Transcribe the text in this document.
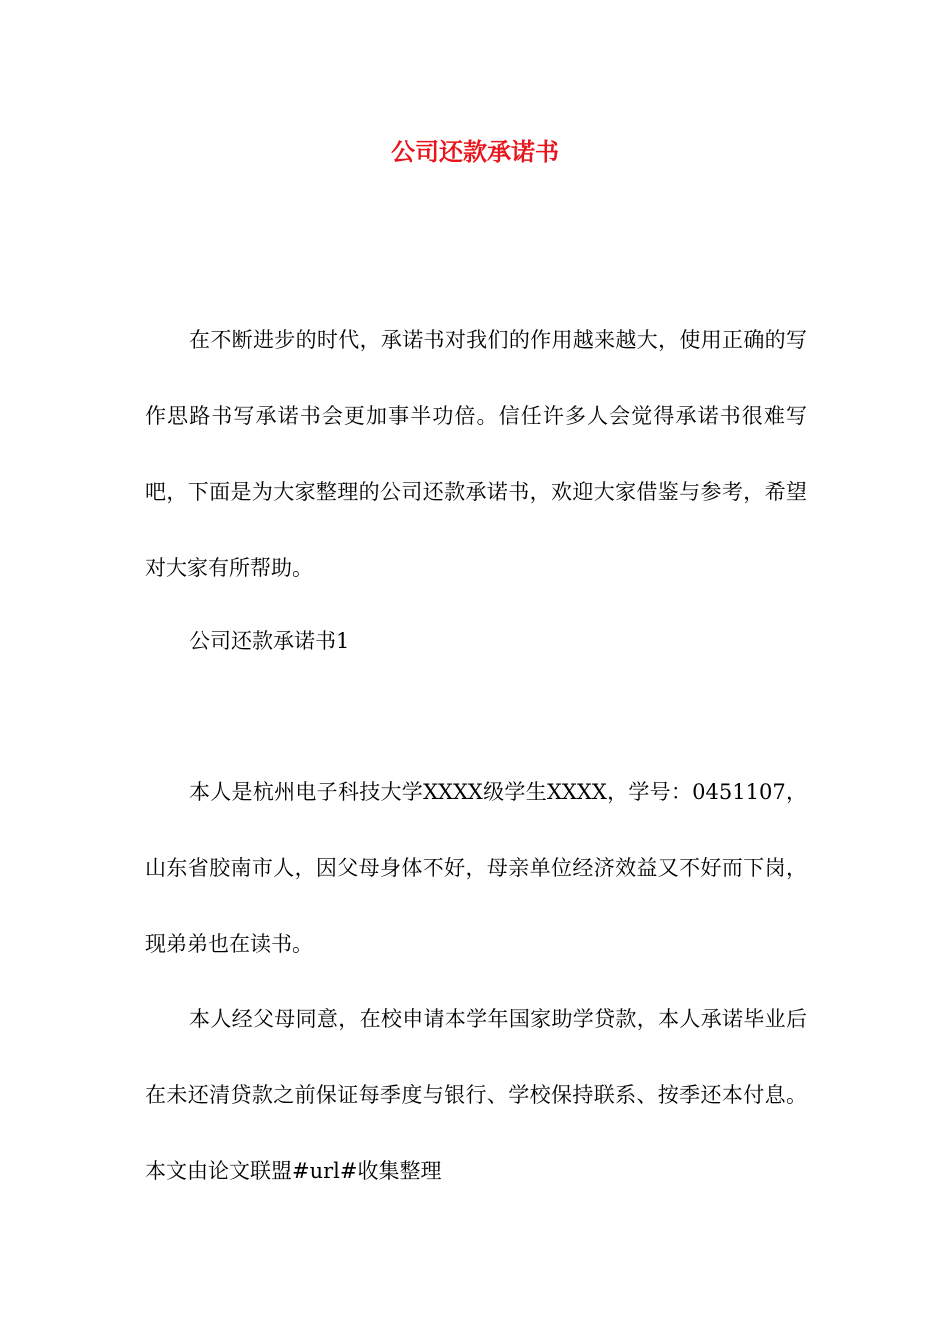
公司还款承诺书

在不断进步的时代，承诺书对我们的作用越来越大，使用正确的写作思路书写承诺书会更加事半功倍。信任许多人会觉得承诺书很难写吧，下面是为大家整理的公司还款承诺书，欢迎大家借鉴与参考，希望对大家有所帮助。

公司还款承诺书1

本人是杭州电子科技大学XXXX级学生XXXX，学号：0451107，山东省胶南市人，因父母身体不好，母亲单位经济效益又不好而下岗，现弟弟也在读书。

本人经父母同意，在校申请本学年国家助学贷款，本人承诺毕业后在未还清贷款之前保证每季度与银行、学校保持联系、按季还本付息。本文由论文联盟#url#收集整理
